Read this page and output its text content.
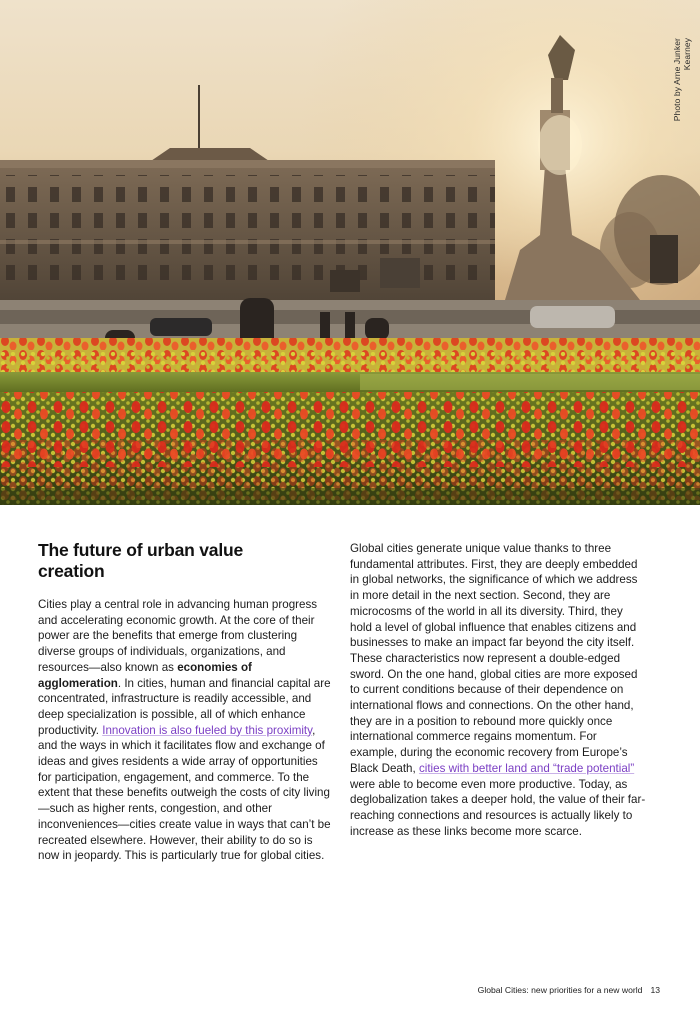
Photo by Arne Junker Kearney
The future of urban value
creation

Cities play a central role in advancing human progress and accelerating economic growth. At the core of their power are the benefits that emerge from clustering diverse groups of individuals, organizations, and resources—also known as economies of agglomeration. In cities, human and financial capital are concentrated, infrastructure is readily accessible, and deep specialization is possible, all of which enhance productivity. Innovation is also fueled by this proximity, and the ways in which it facilitates flow and exchange of ideas and gives residents a wide array of opportunities for participation, engagement, and commerce. To the extent that these benefits outweigh the costs of city living—such as higher rents, congestion, and other inconveniences—cities create value in ways that can’t be recreated elsewhere. However, their ability to do so is now in jeopardy. This is particularly true for global cities.

Global cities generate unique value thanks to three fundamental attributes. First, they are deeply embedded in global networks, the significance of which we address in more detail in the next section. Second, they are microcosms of the world in all its diversity. Third, they hold a level of global influence that enables citizens and businesses to make an impact far beyond the city itself. These characteristics now represent a double-edged sword. On the one hand, global cities are more exposed to current conditions because of their dependence on international flows and connections. On the other hand, they are in a position to rebound more quickly once international commerce regains momentum. For example, during the economic recovery from Europe’s Black Death, cities with better land and “trade potential” were able to become even more productive. Today, as deglobalization takes a deeper hold, the value of their far-reaching connections and resources is actually likely to increase as these links become more scarce.

Global Cities: new priorities for a new world 13
